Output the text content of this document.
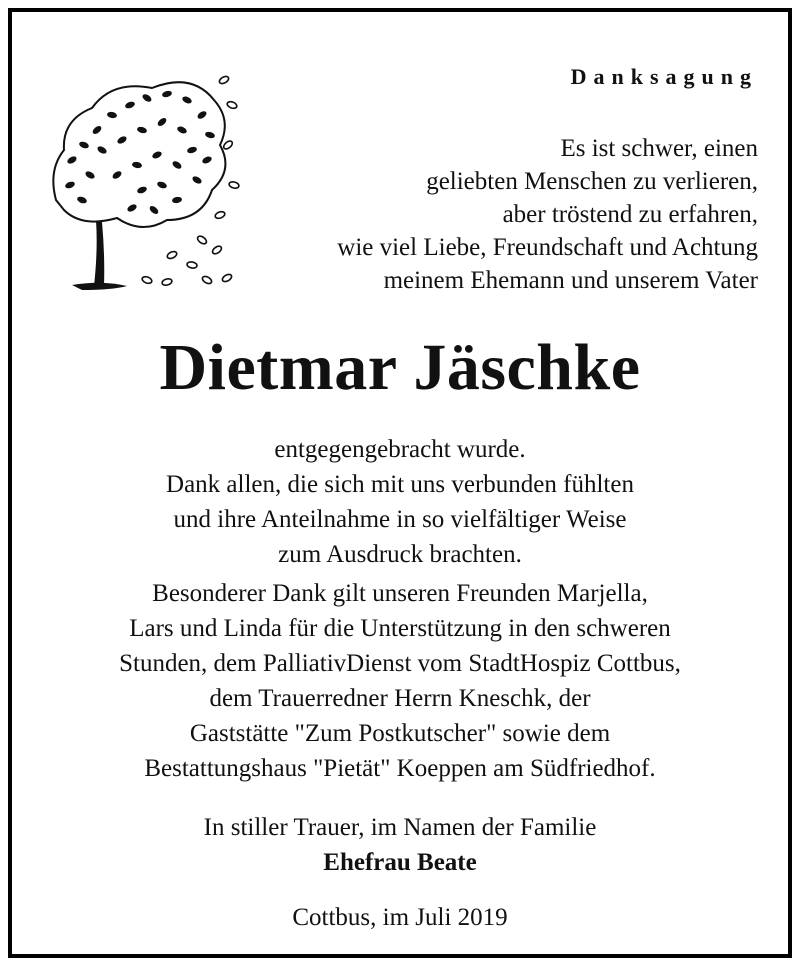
Danksagung
Es ist schwer, einen
geliebten Menschen zu verlieren,
aber tröstend zu erfahren,
wie viel Liebe, Freundschaft und Achtung
meinem Ehemann und unserem Vater
Dietmar Jäschke
entgegengebracht wurde.
Dank allen, die sich mit uns verbunden fühlten
und ihre Anteilnahme in so vielfältiger Weise
zum Ausdruck brachten.
Besonderer Dank gilt unseren Freunden Marjella,
Lars und Linda für die Unterstützung in den schweren
Stunden, dem PalliativDienst vom StadtHospiz Cottbus,
dem Trauerredner Herrn Kneschk, der
Gaststätte "Zum Postkutscher" sowie dem
Bestattungshaus "Pietät" Koeppen am Südfriedhof.
In stiller Trauer, im Namen der Familie
Ehefrau Beate
Cottbus, im Juli 2019
